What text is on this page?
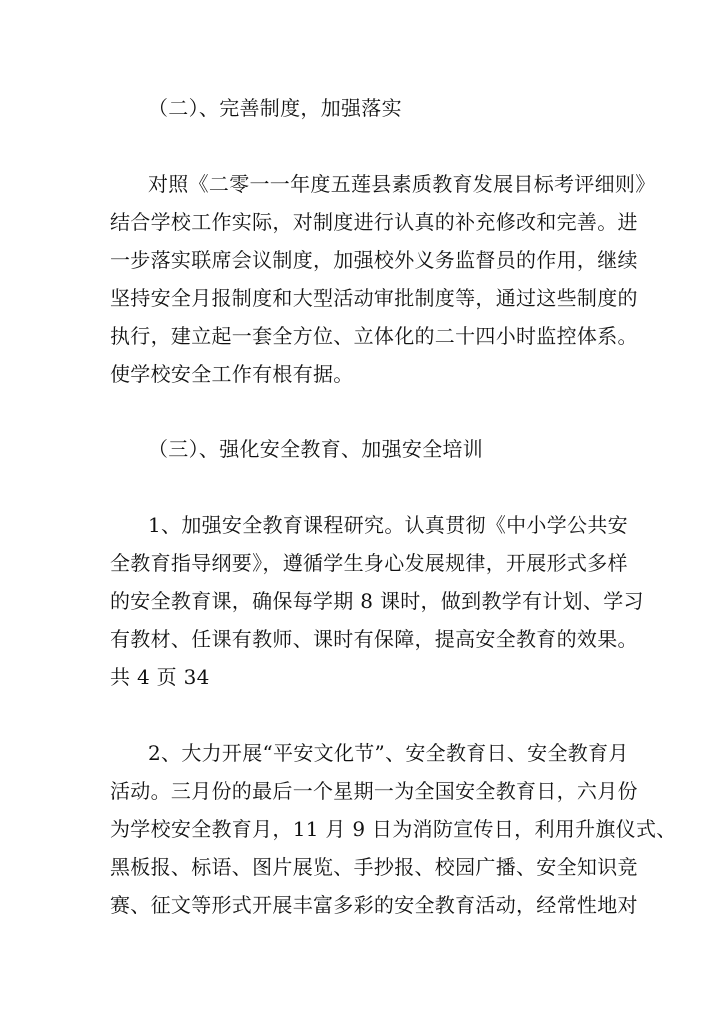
（二）、完善制度，加强落实
对照《二零一一年度五莲县素质教育发展目标考评细则》
结合学校工作实际，对制度进行认真的补充修改和完善。进
一步落实联席会议制度，加强校外义务监督员的作用，继续
坚持安全月报制度和大型活动审批制度等，通过这些制度的
执行，建立起一套全方位、立体化的二十四小时监控体系。
使学校安全工作有根有据。
（三）、强化安全教育、加强安全培训
1、加强安全教育课程研究。认真贯彻《中小学公共安
全教育指导纲要》，遵循学生身心发展规律，开展形式多样
的安全教育课，确保每学期 8 课时，做到教学有计划、学习
有教材、任课有教师、课时有保障，提高安全教育的效果。
共 4 页 34
2、大力开展“平安文化节”、安全教育日、安全教育月
活动。三月份的最后一个星期一为全国安全教育日，六月份
为学校安全教育月，11 月 9 日为消防宣传日，利用升旗仪式、
黑板报、标语、图片展览、手抄报、校园广播、安全知识竞
赛、征文等形式开展丰富多彩的安全教育活动，经常性地对
